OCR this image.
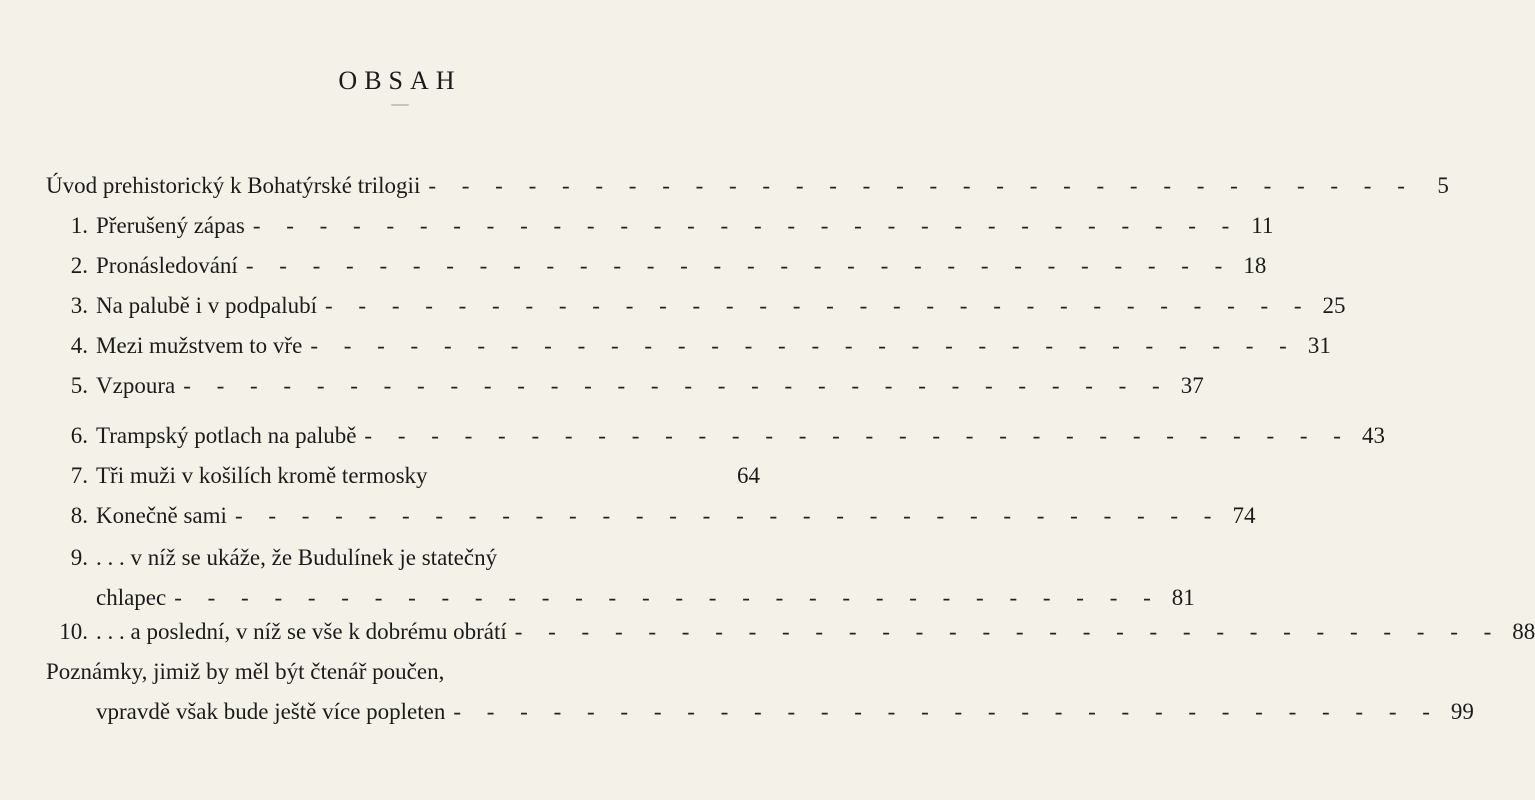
OBSAH
Úvod prehistorický k Bohatýrské trilogii - - - - - - - - - - - - - - - - - - - - - - - - - - - - - - 5
1. Přerušený zápas - - - - - - - - - - - - - - - - - - - - - - - - - - - - - - 11
2. Pronásledování - - - - - - - - - - - - - - - - - - - - - - - - - - - - - - 18
3. Na palubě i v podpalubí - - - - - - - - - - - - - - - - - - - - - - - - - - - - - - 25
4. Mezi mužstvem to vře - - - - - - - - - - - - - - - - - - - - - - - - - - - - - - 31
5. Vzpoura - - - - - - - - - - - - - - - - - - - - - - - - - - - - - - 37
6. Trampský potlach na palubě - - - - - - - - - - - - - - - - - - - - - - - - - - - - - - 43
7. Tři muži v košilích kromě termosky	64
8. Konečně sami - - - - - - - - - - - - - - - - - - - - - - - - - - - - - - 74
9. . . . v níž se ukáže, že Budulínek je statečný
chlapec - - - - - - - - - - - - - - - - - - - - - - - - - - - - - - 81
10. . . . a poslední, v níž se vše k dobrému obrátí - - - - - - - - - - - - - - - - - - - - - - - - - - - - - - 88
Poznámky, jimiž by měl být čtenář poučen,
vpravdě však bude ještě více popleten - - - - - - - - - - - - - - - - - - - - - - - - - - - - - - 99
